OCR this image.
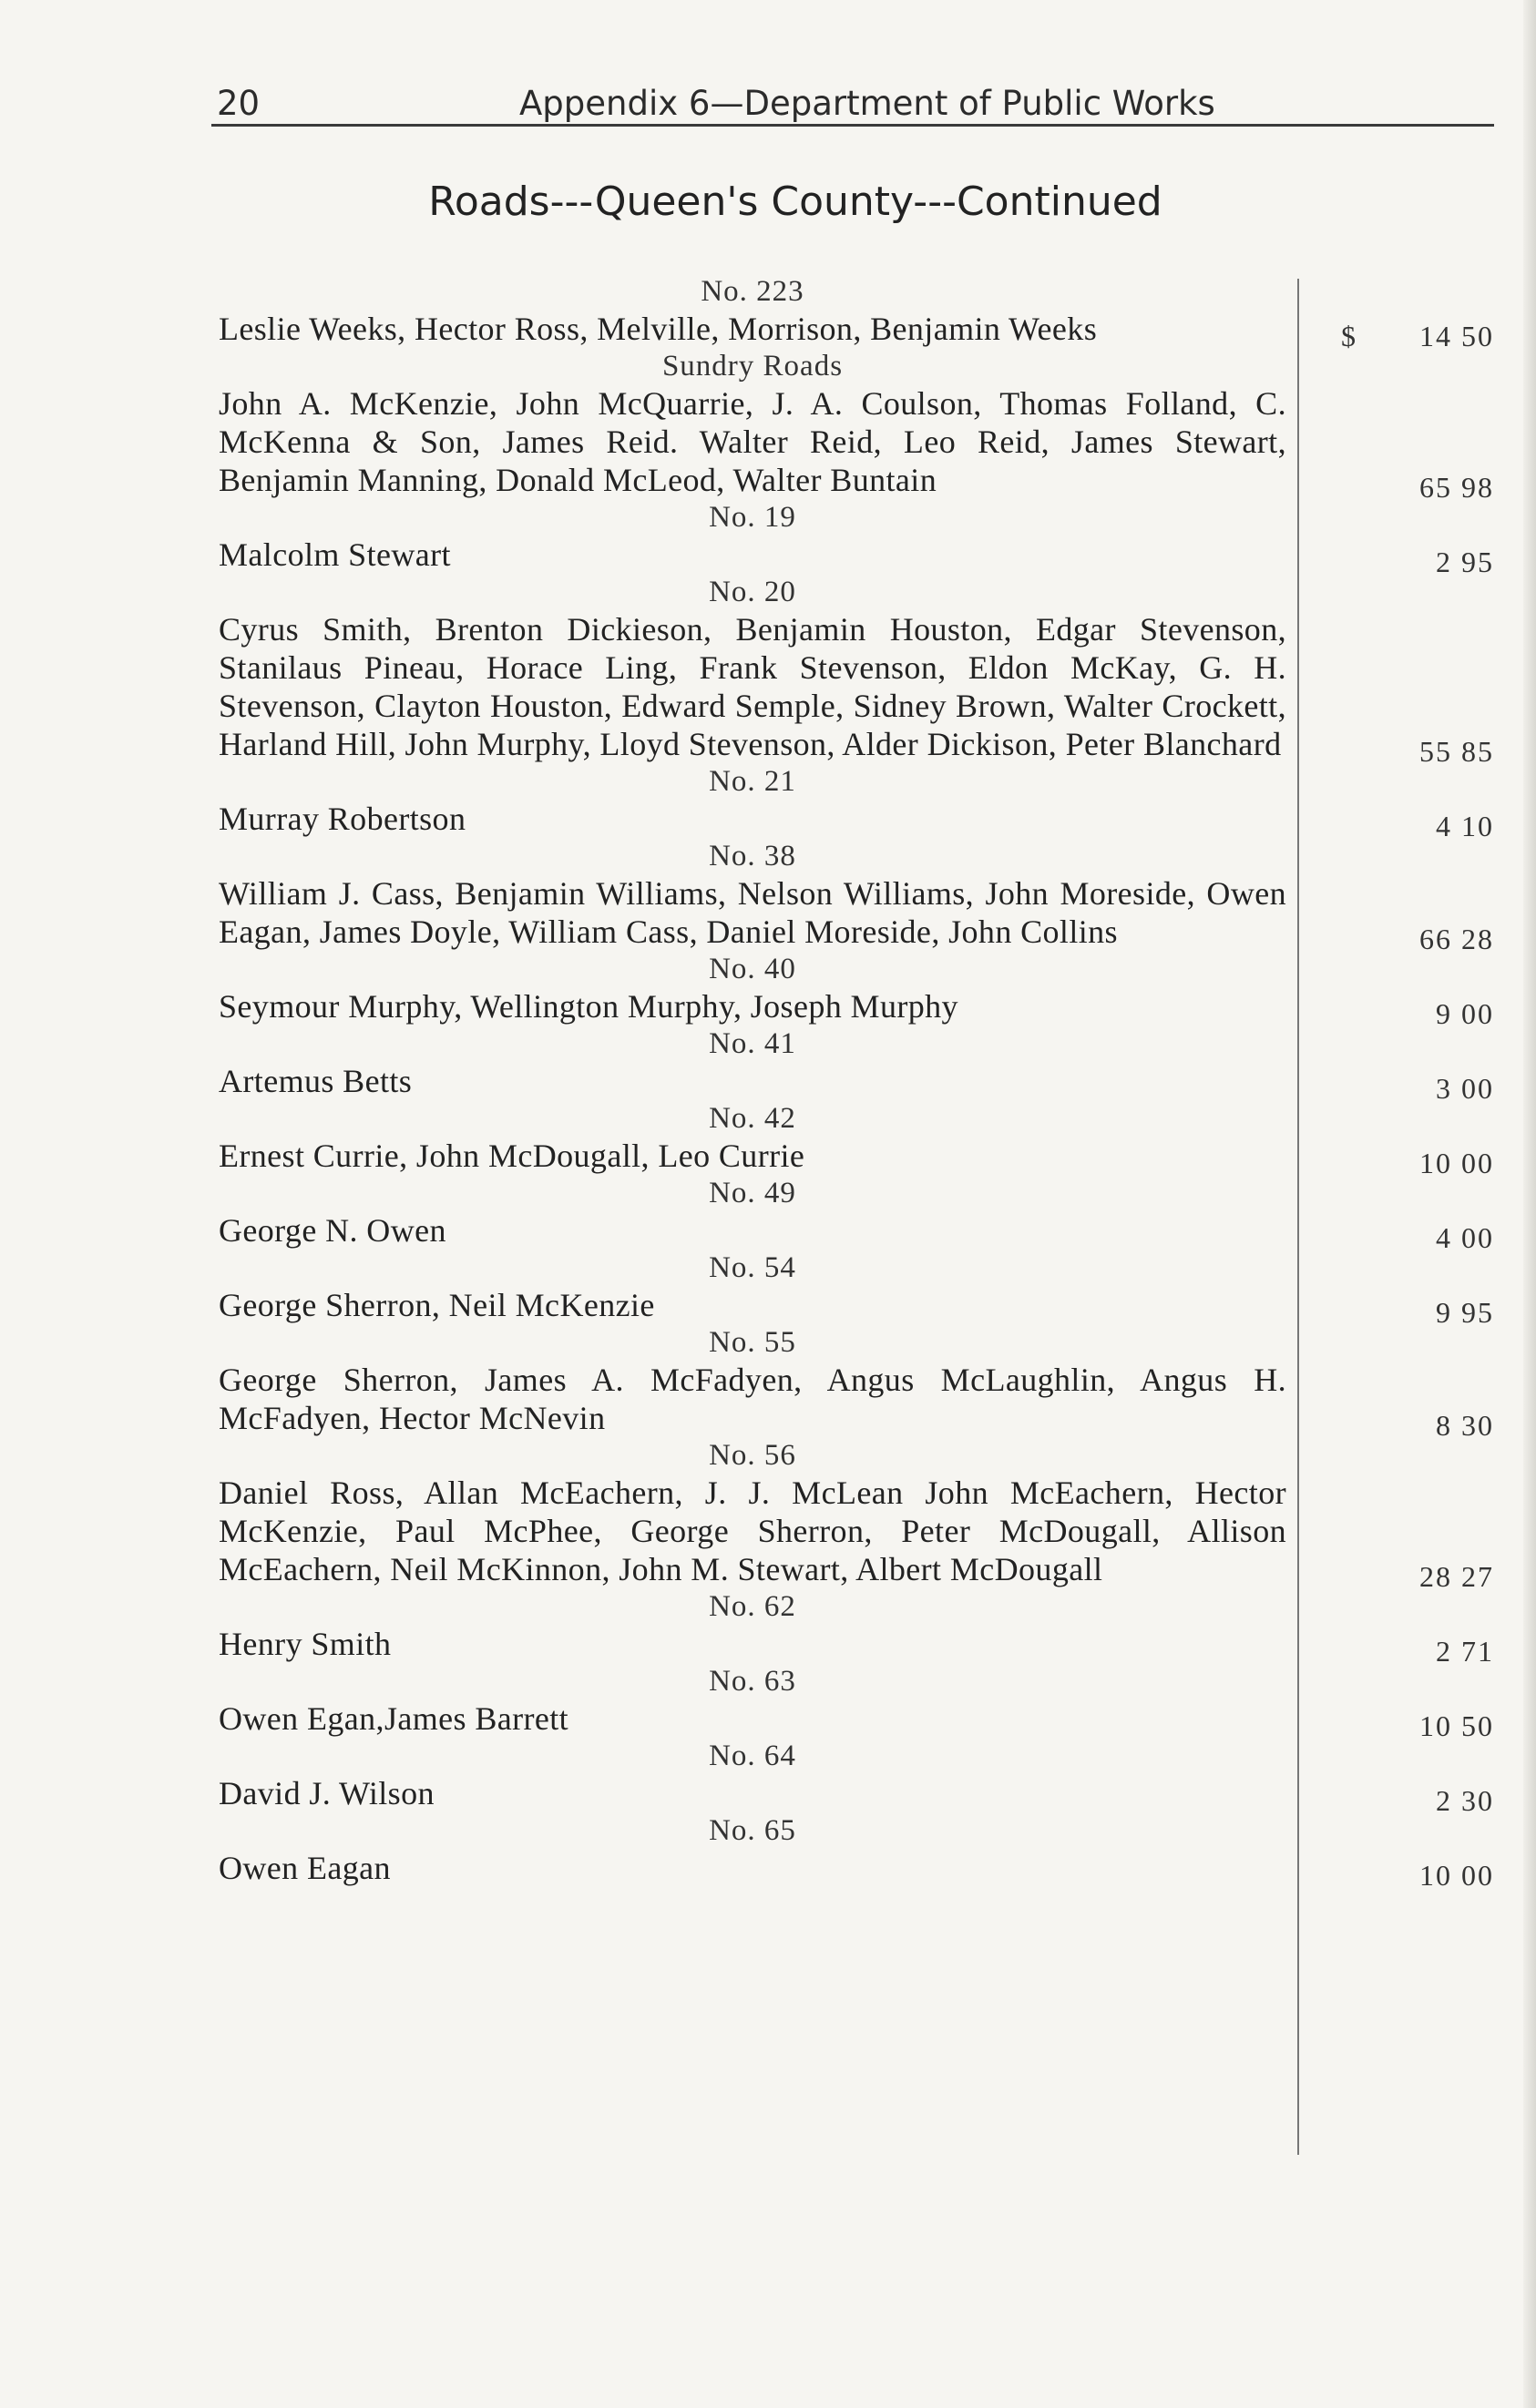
20	Appendix 6—Department of Public Works
Roads---Queen's County---Continued
No. 223
Leslie Weeks, Hector Ross, Melville, Morrison, Benjamin Weeks	$	14 50
Sundry Roads
John A. McKenzie, John McQuarrie, J. A. Coulson, Thomas Folland, C. McKenna & Son, James Reid. Walter Reid, Leo Reid, James Stewart, Benjamin Manning, Donald McLeod, Walter Buntain	65 98
No. 19
Malcolm Stewart	2 95
No. 20
Cyrus Smith, Brenton Dickieson, Benjamin Houston, Edgar Stevenson, Stanilaus Pineau, Horace Ling, Frank Stevenson, Eldon McKay, G. H. Stevenson, Clayton Houston, Edward Semple, Sidney Brown, Walter Crockett, Harland Hill, John Murphy, Lloyd Stevenson, Alder Dickison, Peter Blanchard	55 85
No. 21
Murray Robertson	4 10
No. 38
William J. Cass, Benjamin Williams, Nelson Williams, John Moreside, Owen Eagan, James Doyle, William Cass, Daniel Moreside, John Collins	66 28
No. 40
Seymour Murphy, Wellington Murphy, Joseph Murphy	9 00
No. 41
Artemus Betts	3 00
No. 42
Ernest Currie, John McDougall, Leo Currie	10 00
No. 49
George N. Owen	4 00
No. 54
George Sherron, Neil McKenzie	9 95
No. 55
George Sherron, James A. McFadyen, Angus McLaughlin, Angus H. McFadyen, Hector McNevin	8 30
No. 56
Daniel Ross, Allan McEachern, J. J. McLean John McEachern, Hector McKenzie, Paul McPhee, George Sherron, Peter McDougall, Allison McEachern, Neil McKinnon, John M. Stewart, Albert McDougall	28 27
No. 62
Henry Smith	2 71
No. 63
Owen Egan,James Barrett	10 50
No. 64
David J. Wilson	2 30
No. 65
Owen Eagan	10 00
